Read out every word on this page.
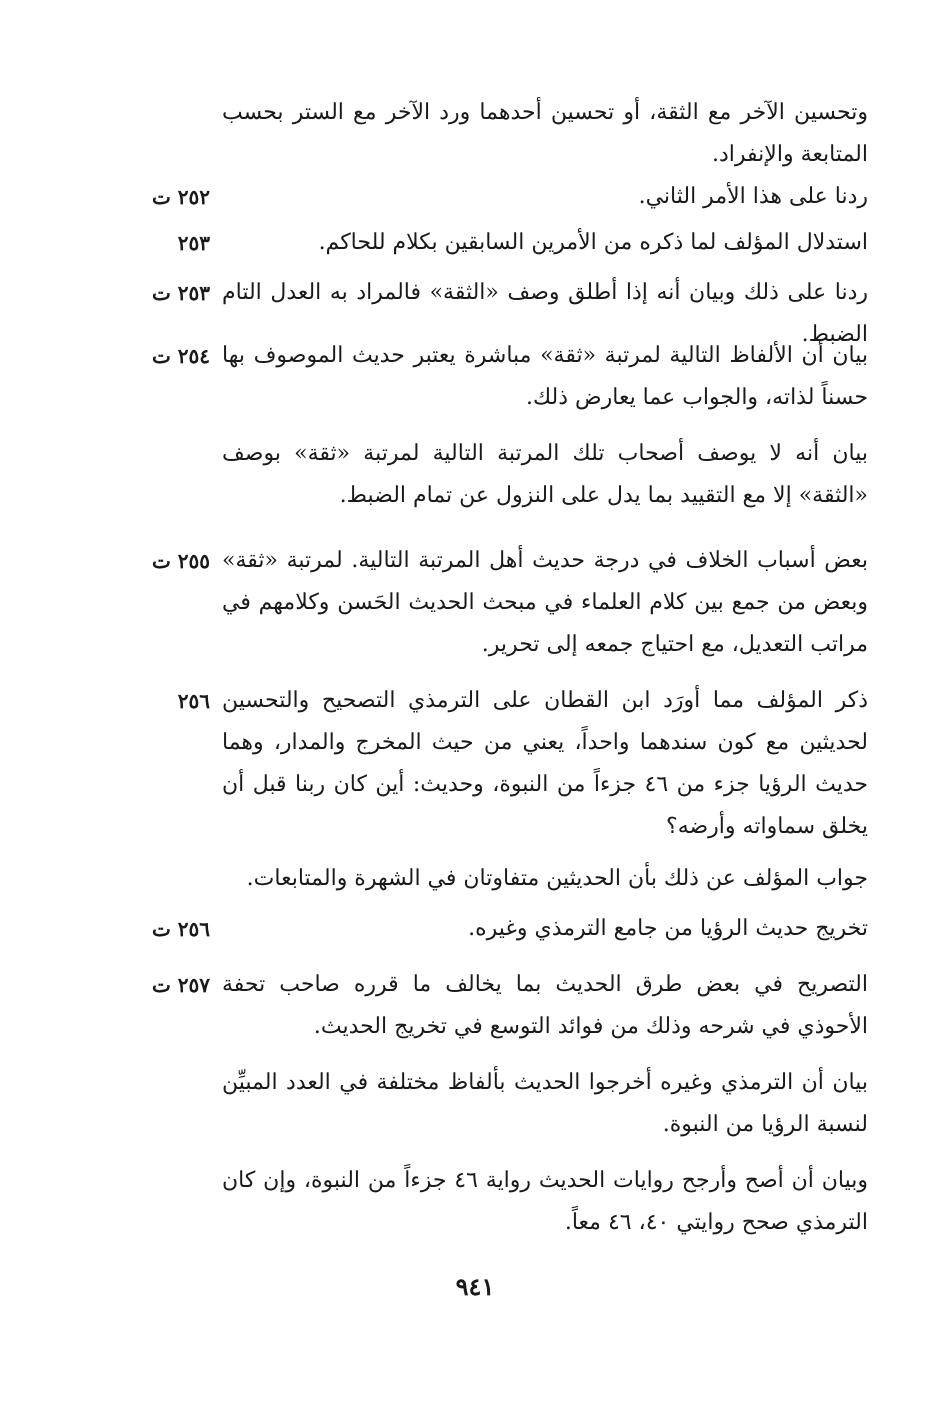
وتحسين الآخر مع الثقة، أو تحسين أحدهما ورد الآخر مع الستر بحسب المتابعة والإنفراد.
ردنا على هذا الأمر الثاني.
٢٥٢ ت
استدلال المؤلف لما ذكره من الأمرين السابقين بكلام للحاكم.
٢٥٣
ردنا على ذلك وبيان أنه إذا أطلق وصف «الثقة» فالمراد به العدل التام الضبط.
٢٥٣ ت
بيان أن الألفاظ التالية لمرتبة «ثقة» مباشرة يعتبر حديث الموصوف بها حسناً لذاته، والجواب عما يعارض ذلك.
٢٥٤ ت
بيان أنه لا يوصف أصحاب تلك المرتبة التالية لمرتبة «ثقة» بوصف «الثقة» إلا مع التقييد بما يدل على النزول عن تمام الضبط.
بعض أسباب الخلاف في درجة حديث أهل المرتبة التالية. لمرتبة «ثقة» وبعض من جمع بين كلام العلماء في مبحث الحديث الحَسن وكلامهم في مراتب التعديل، مع احتياج جمعه إلى تحرير.
٢٥٥ ت
ذكر المؤلف مما أورَد ابن القطان على الترمذي التصحيح والتحسين لحديثين مع كون سندهما واحداً، يعني من حيث المخرج والمدار، وهما حديث الرؤيا جزء من ٤٦ جزءاً من النبوة، وحديث: أين كان ربنا قبل أن يخلق سماواته وأرضه؟
٢٥٦
جواب المؤلف عن ذلك بأن الحديثين متفاوتان في الشهرة والمتابعات.
تخريج حديث الرؤيا من جامع الترمذي وغيره.
٢٥٦ ت
التصريح في بعض طرق الحديث بما يخالف ما قرره صاحب تحفة الأحوذي في شرحه وذلك من فوائد التوسع في تخريج الحديث.
٢٥٧ ت
بيان أن الترمذي وغيره أخرجوا الحديث بألفاظ مختلفة في العدد المبيِّن لنسبة الرؤيا من النبوة.
وبيان أن أصح وأرجح روايات الحديث رواية ٤٦ جزءاً من النبوة، وإن كان الترمذي صحح روايتي ٤٠، ٤٦ معاً.
٩٤١
